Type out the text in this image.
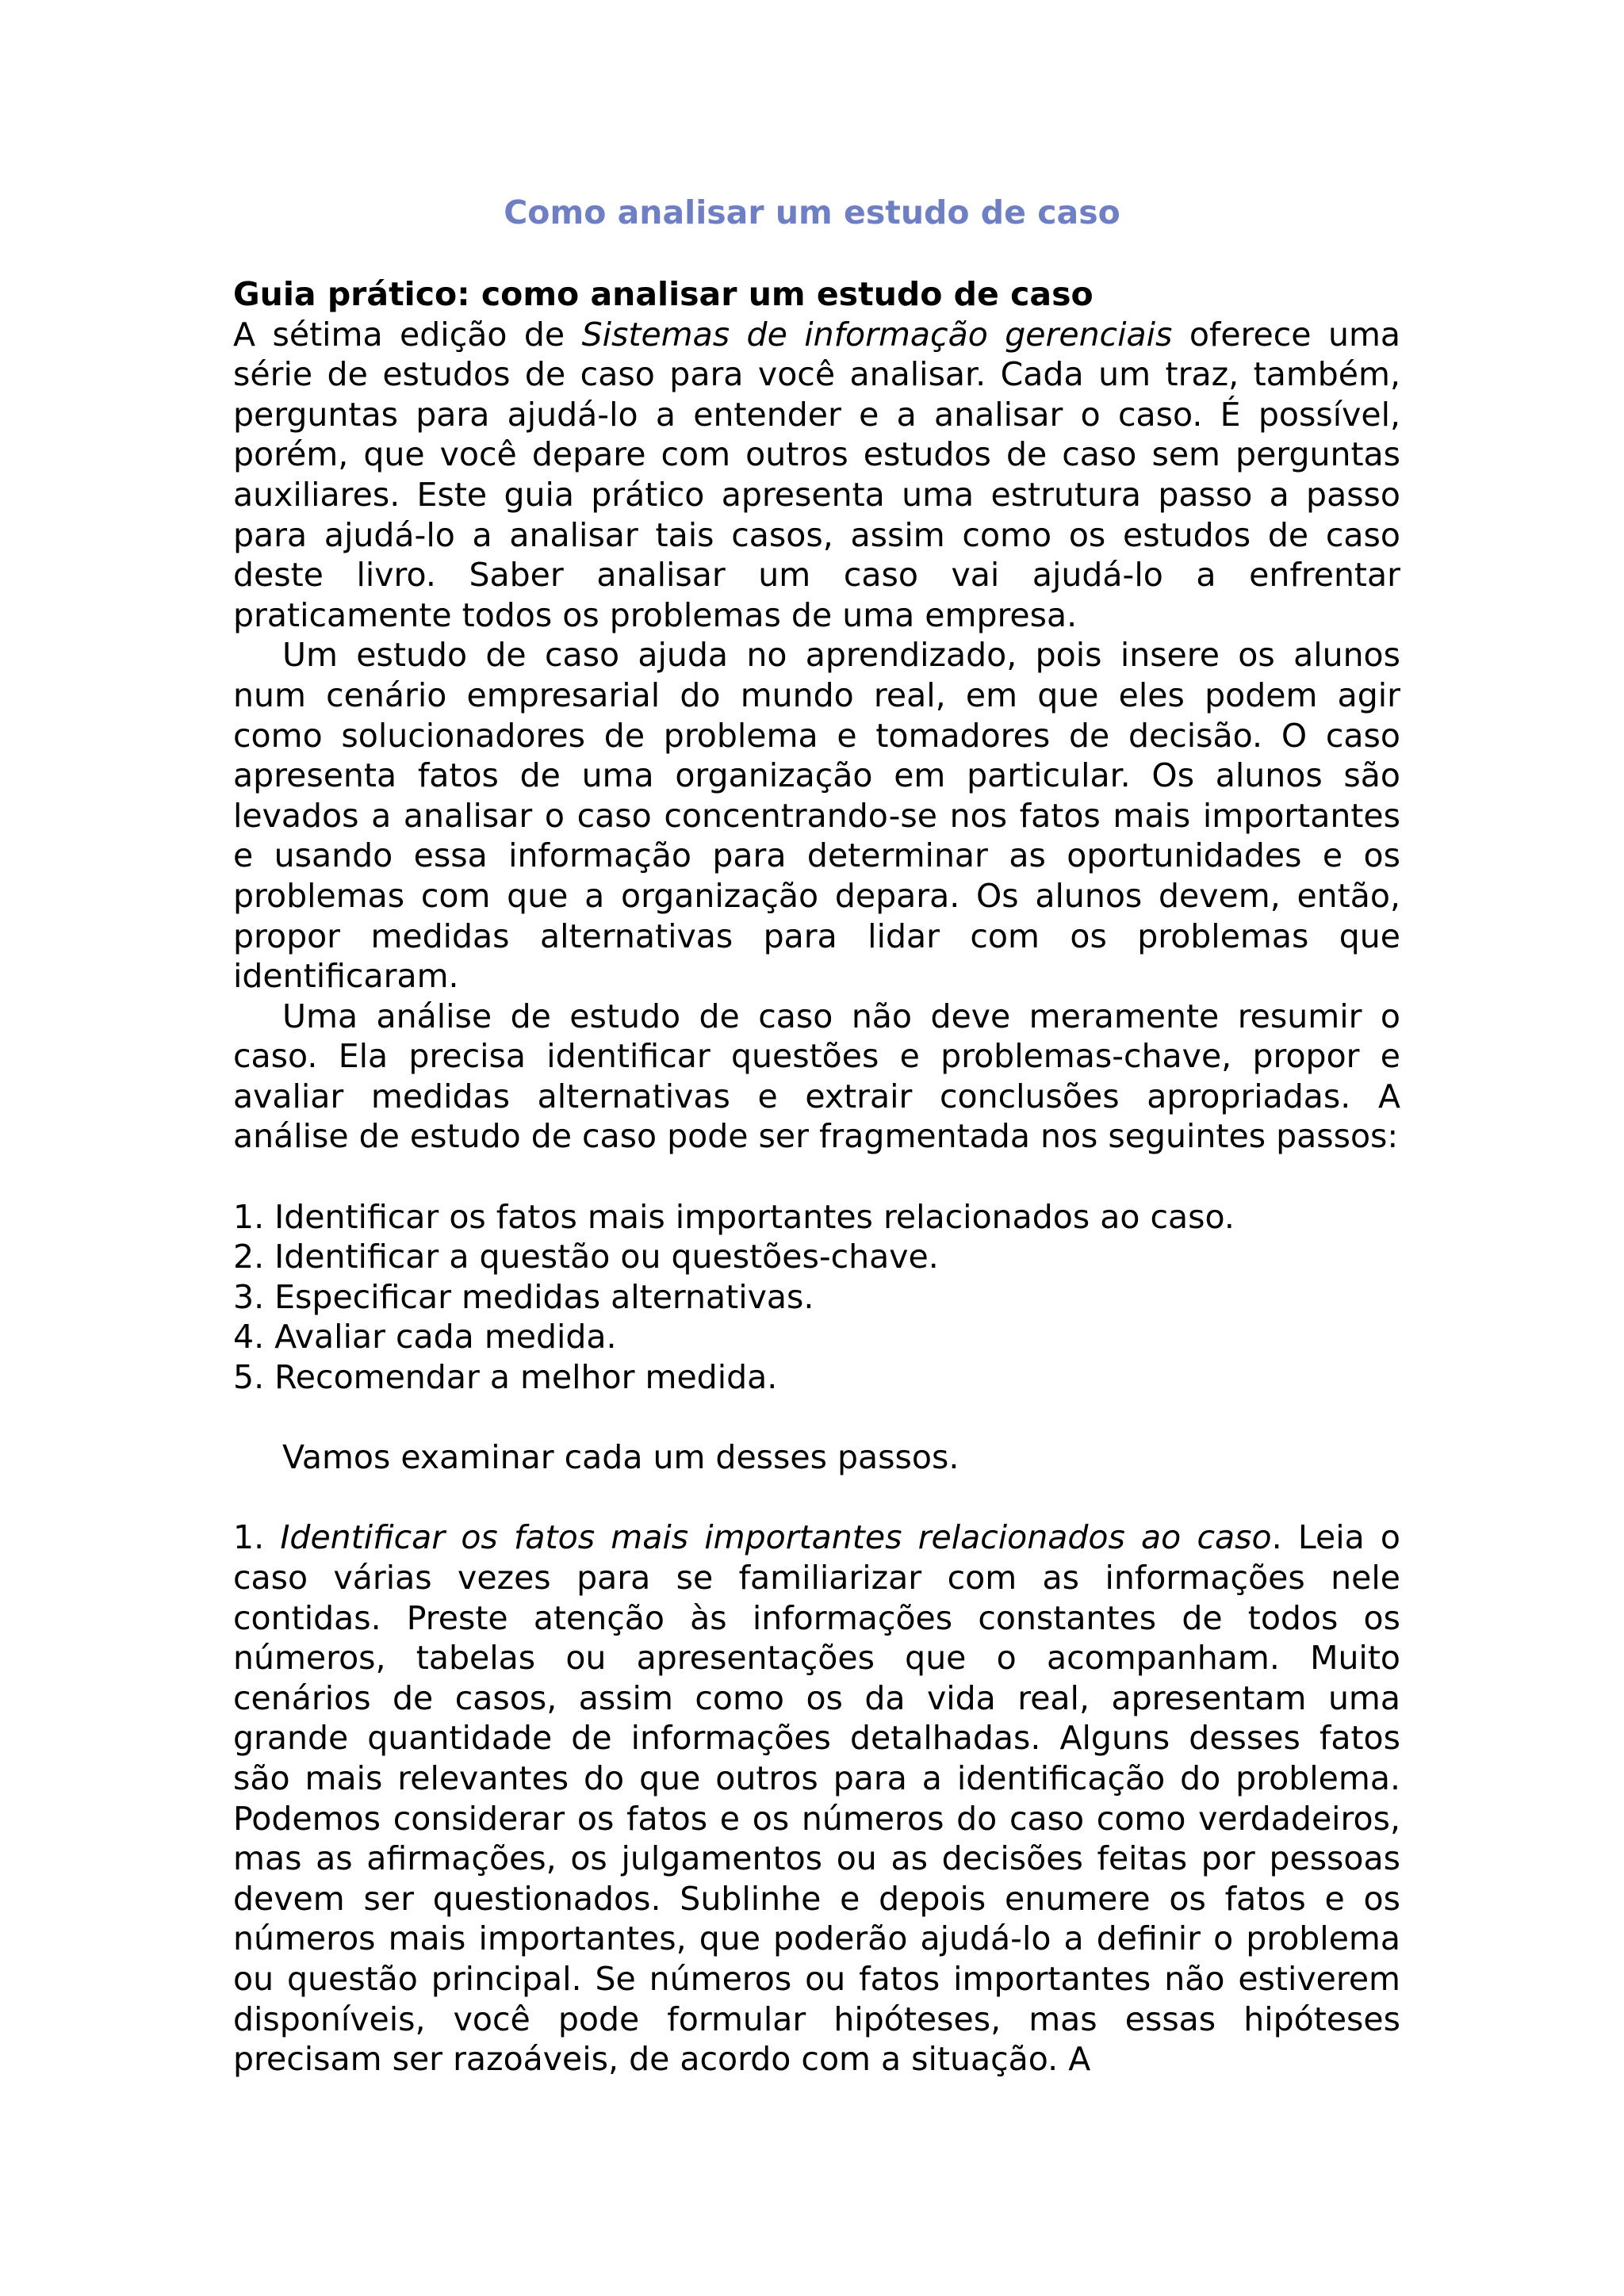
Como analisar um estudo de caso

Guia prático: como analisar um estudo de caso

A sétima edição de Sistemas de informação gerenciais oferece uma série de estudos de caso para você analisar. Cada um traz, também, perguntas para ajudá-lo a entender e a analisar o caso. É possível, porém, que você depare com outros estudos de caso sem perguntas auxiliares. Este guia prático apresenta uma estrutura passo a passo para ajudá-lo a analisar tais casos, assim como os estudos de caso deste livro. Saber analisar um caso vai ajudá-lo a enfrentar praticamente todos os problemas de uma empresa.

Um estudo de caso ajuda no aprendizado, pois insere os alunos num cenário empresarial do mundo real, em que eles podem agir como solucionadores de problema e tomadores de decisão. O caso apresenta fatos de uma organização em particular. Os alunos são levados a analisar o caso concentrando-se nos fatos mais importantes e usando essa informação para determinar as oportunidades e os problemas com que a organização depara. Os alunos devem, então, propor medidas alternativas para lidar com os problemas que identificaram.

Uma análise de estudo de caso não deve meramente resumir o caso. Ela precisa identificar questões e problemas-chave, propor e avaliar medidas alternativas e extrair conclusões apropriadas. A análise de estudo de caso pode ser fragmentada nos seguintes passos:

1. Identificar os fatos mais importantes relacionados ao caso.

2. Identificar a questão ou questões-chave.

3. Especificar medidas alternativas.

4. Avaliar cada medida.

5. Recomendar a melhor medida.

Vamos examinar cada um desses passos.

1. Identificar os fatos mais importantes relacionados ao caso. Leia o caso várias vezes para se familiarizar com as informações nele contidas. Preste atenção às informações constantes de todos os números, tabelas ou apresentações que o acompanham. Muito cenários de casos, assim como os da vida real, apresentam uma grande quantidade de informações detalhadas. Alguns desses fatos são mais relevantes do que outros para a identificação do problema. Podemos considerar os fatos e os números do caso como verdadeiros, mas as afirmações, os julgamentos ou as decisões feitas por pessoas devem ser questionados. Sublinhe e depois enumere os fatos e os números mais importantes, que poderão ajudá-lo a definir o problema ou questão principal. Se números ou fatos importantes não estiverem disponíveis, você pode formular hipóteses, mas essas hipóteses precisam ser razoáveis, de acordo com a situação. A
